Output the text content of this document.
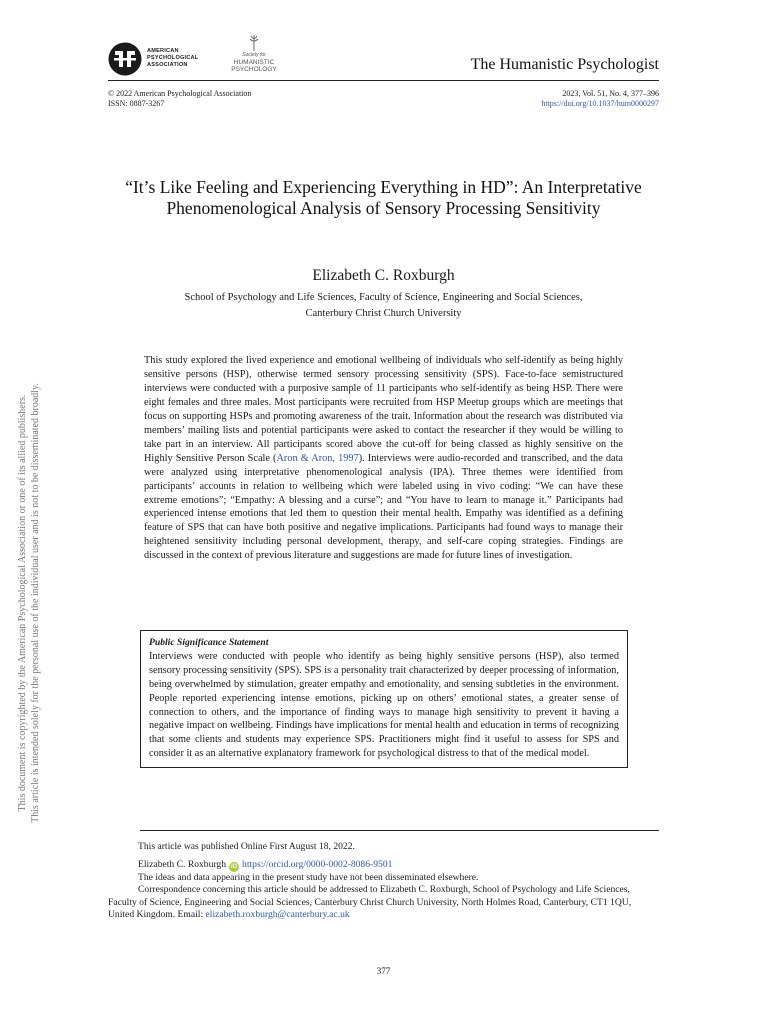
AMERICAN
PSYCHOLOGICAL
ASSOCIATION
Society for
HUMANISTIC
PSYCHOLOGY	The Humanistic Psychologist
© 2022 American Psychological Association
ISSN: 0887-3267
2023, Vol. 51, No. 4, 377–396
https://doi.org/10.1037/hum0000297
“It’s Like Feeling and Experiencing Everything in HD”: An Interpretative Phenomenological Analysis of Sensory Processing Sensitivity
Elizabeth C. Roxburgh
School of Psychology and Life Sciences, Faculty of Science, Engineering and Social Sciences,
Canterbury Christ Church University
This study explored the lived experience and emotional wellbeing of individuals who self-identify as being highly sensitive persons (HSP), otherwise termed sensory processing sensitivity (SPS). Face-to-face semistructured interviews were conducted with a purposive sample of 11 participants who self-identify as being HSP. There were eight females and three males. Most participants were recruited from HSP Meetup groups which are meetings that focus on supporting HSPs and promoting awareness of the trait. Information about the research was distributed via members’ mailing lists and potential participants were asked to contact the researcher if they would be willing to take part in an interview. All participants scored above the cut-off for being classed as highly sensitive on the Highly Sensitive Person Scale (Aron & Aron, 1997). Interviews were audio-recorded and transcribed, and the data were analyzed using interpretative phenomenological analysis (IPA). Three themes were identified from participants’ accounts in relation to wellbeing which were labeled using in vivo coding: “We can have these extreme emotions”; “Empathy: A blessing and a curse”; and “You have to learn to manage it.” Participants had experienced intense emotions that led them to question their mental health. Empathy was identified as a defining feature of SPS that can have both positive and negative implications. Participants had found ways to manage their heightened sensitivity including personal development, therapy, and self-care coping strategies. Findings are discussed in the context of previous literature and suggestions are made for future lines of investigation.
Public Significance Statement
Interviews were conducted with people who identify as being highly sensitive persons (HSP), also termed sensory processing sensitivity (SPS). SPS is a personality trait characterized by deeper processing of information, being overwhelmed by stimulation, greater empathy and emotionality, and sensing subtleties in the environment. People reported experiencing intense emotions, picking up on others’ emotional states, a greater sense of connection to others, and the importance of finding ways to manage high sensitivity to prevent it having a negative impact on wellbeing. Findings have implications for mental health and education in terms of recognizing that some clients and students may experience SPS. Practitioners might find it useful to assess for SPS and consider it as an alternative explanatory framework for psychological distress to that of the medical model.
This article was published Online First August 18, 2022.
Elizabeth C. Roxburgh iD https://orcid.org/0000-0002-8086-9501
The ideas and data appearing in the present study have not been disseminated elsewhere.
Correspondence concerning this article should be addressed to Elizabeth C. Roxburgh, School of Psychology and Life Sciences, Faculty of Science, Engineering and Social Sciences, Canterbury Christ Church University, North Holmes Road, Canterbury, CT1 1QU, United Kingdom. Email: elizabeth.roxburgh@canterbury.ac.uk
377
This document is copyrighted by the American Psychological Association or one of its allied publishers. This article is intended solely for the personal use of the individual user and is not to be disseminated broadly.
